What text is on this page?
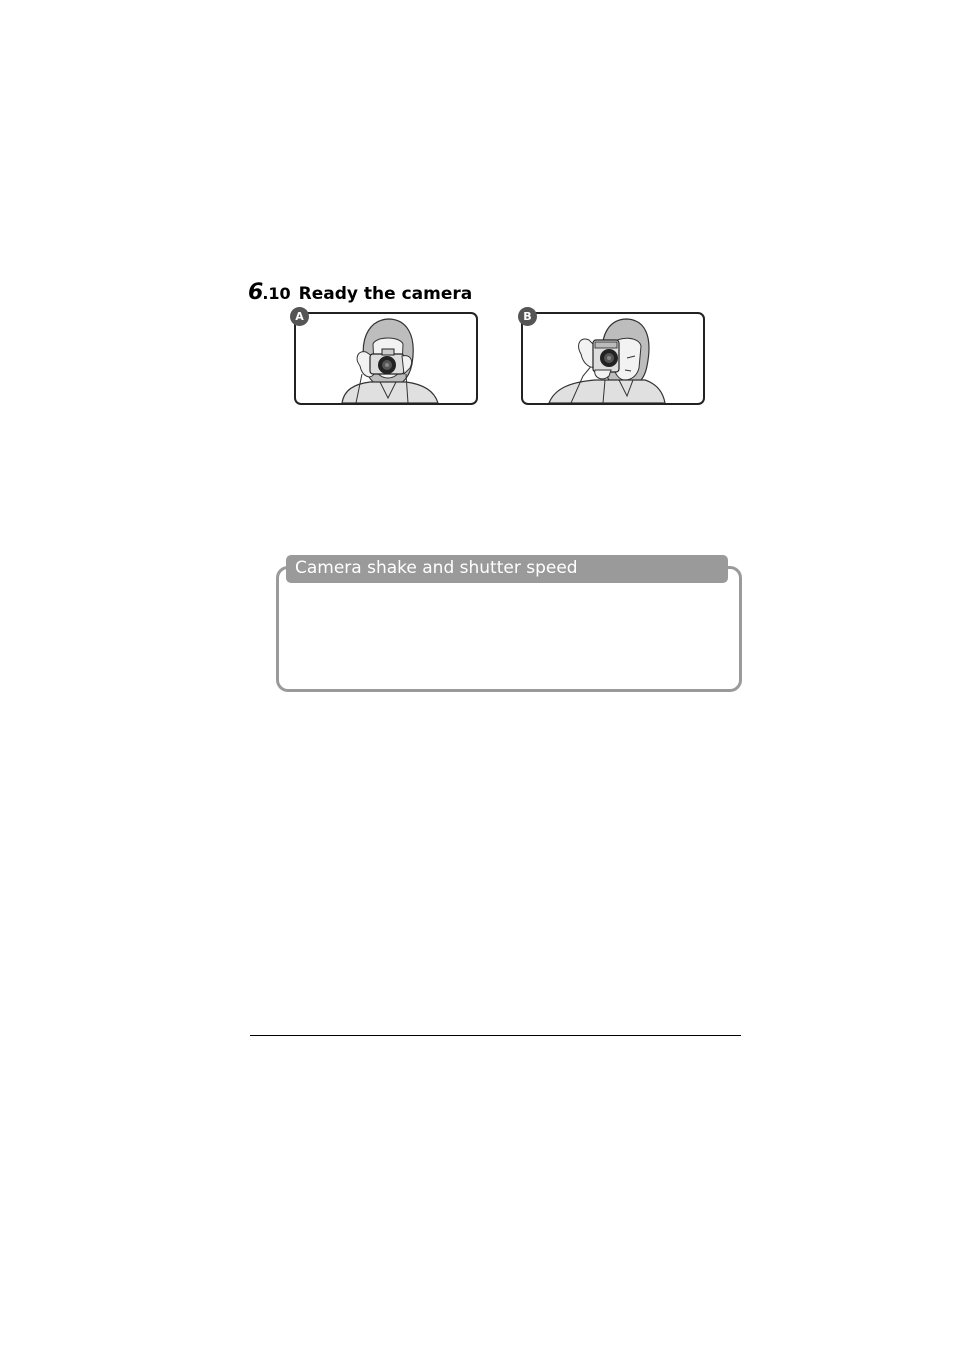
6 .10 Ready the camera
A	B
Camera shake and shutter speed
